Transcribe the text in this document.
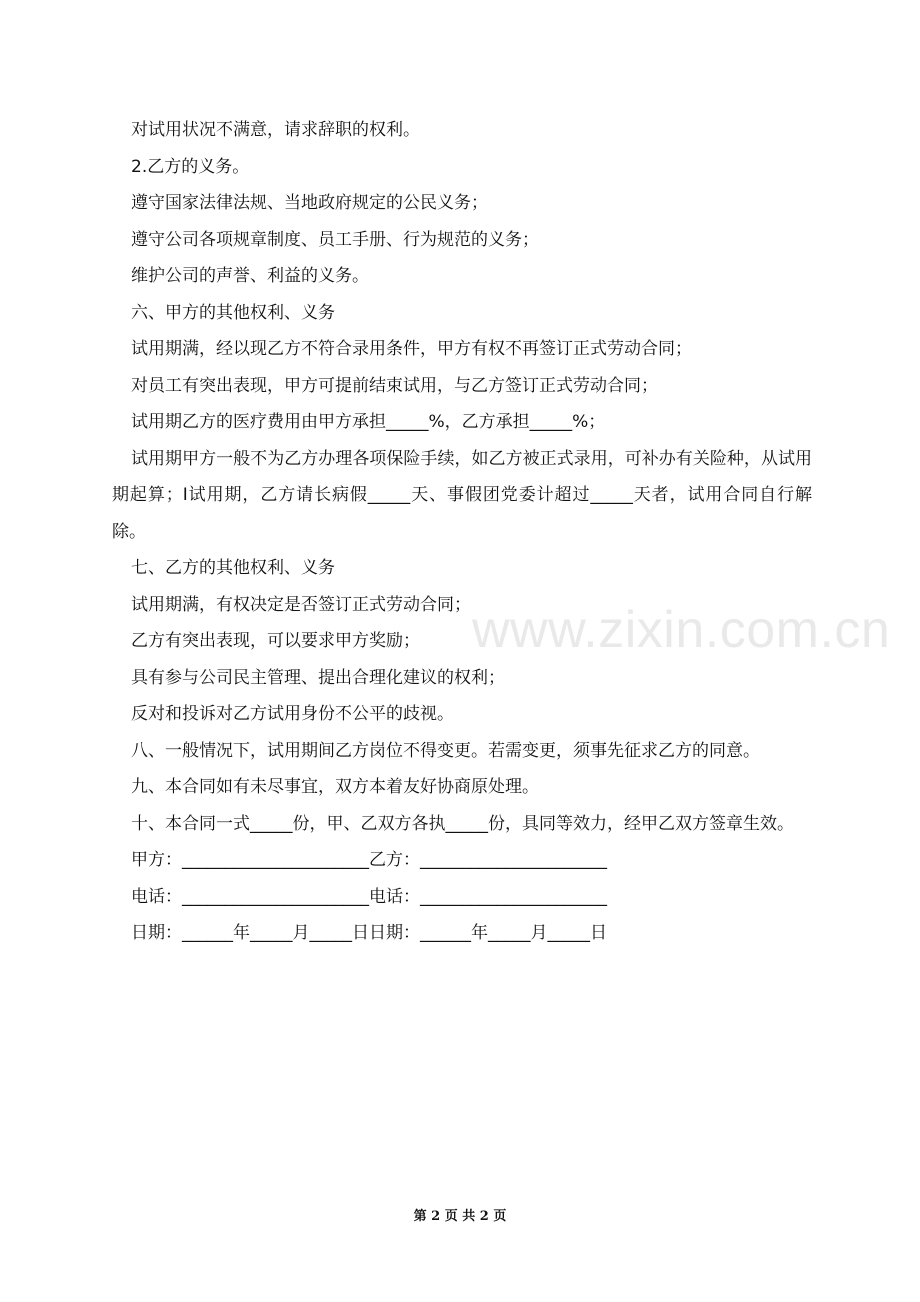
对试用状况不满意，请求辞职的权利。
2.乙方的义务。
遵守国家法律法规、当地政府规定的公民义务；
遵守公司各项规章制度、员工手册、行为规范的义务；
维护公司的声誉、利益的义务。
六、甲方的其他权利、义务
试用期满，经以现乙方不符合录用条件，甲方有权不再签订正式劳动合同；
对员工有突出表现，甲方可提前结束试用，与乙方签订正式劳动合同；
试用期乙方的医疗费用由甲方承担_____%，乙方承担_____%；
试用期甲方一般不为乙方办理各项保险手续，如乙方被正式录用，可补办有关险种，从试用期起算；I试用期，乙方请长病假_____天、事假团党委计超过_____天者，试用合同自行解除。
七、乙方的其他权利、义务
试用期满，有权决定是否签订正式劳动合同；
乙方有突出表现，可以要求甲方奖励；
具有参与公司民主管理、提出合理化建议的权利；
反对和投诉对乙方试用身份不公平的歧视。
八、一般情况下，试用期间乙方岗位不得变更。若需变更，须事先征求乙方的同意。
九、本合同如有未尽事宜，双方本着友好协商原处理。
十、本合同一式_____份，甲、乙双方各执_____份，具同等效力，经甲乙双方签章生效。
甲方：______________________乙方：______________________
电话：______________________电话：______________________
日期：______年_____月_____日日期：______年_____月_____日
www.zixin.com.cn
第 2 页 共 2 页
